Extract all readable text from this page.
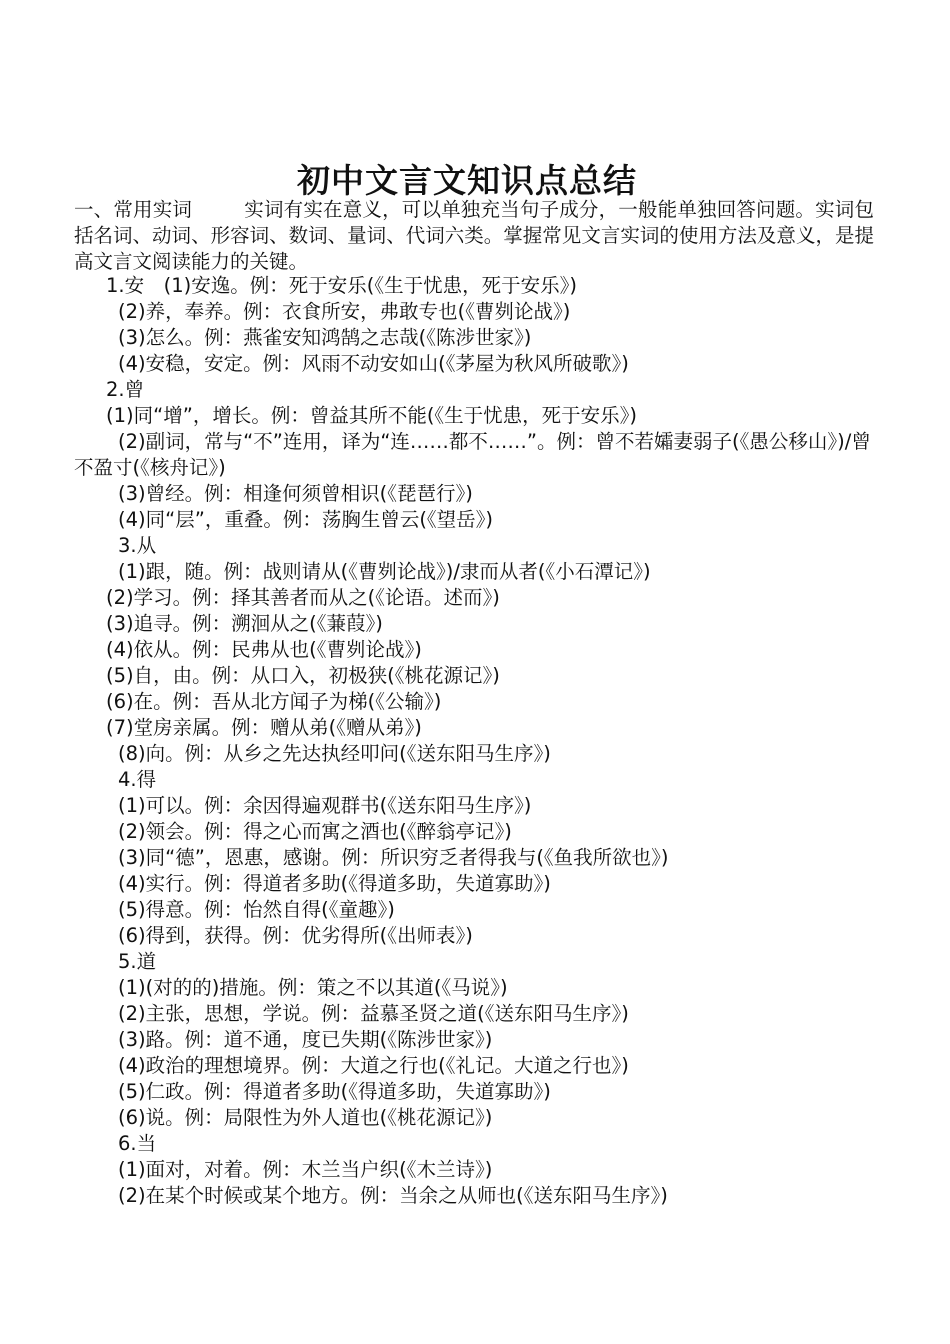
初中文言文知识点总结
一、常用实词	实词有实在意义，可以单独充当句子成分，一般能单独回答问题。实词包括名词、动词、形容词、数词、量词、代词六类。掌握常见文言实词的使用方法及意义，是提高文言文阅读能力的关键。
1.安　(1)安逸。例：死于安乐(《生于忧患，死于安乐》)
(2)养，奉养。例：衣食所安，弗敢专也(《曹刿论战》)
(3)怎么。例：燕雀安知鸿鹄之志哉(《陈涉世家》)
(4)安稳，安定。例：风雨不动安如山(《茅屋为秋风所破歌》)
2.曾
(1)同“增”，增长。例：曾益其所不能(《生于忧患，死于安乐》)
(2)副词，常与“不”连用，译为“连……都不……”。例：曾不若孀妻弱子(《愚公移山》)/曾不盈寸(《核舟记》)
(3)曾经。例：相逢何须曾相识(《琵琶行》)
(4)同“层”，重叠。例：荡胸生曾云(《望岳》)
3.从
(1)跟，随。例：战则请从(《曹刿论战》)/隶而从者(《小石潭记》)
(2)学习。例：择其善者而从之(《论语。述而》)
(3)追寻。例：溯洄从之(《蒹葭》)
(4)依从。例：民弗从也(《曹刿论战》)
(5)自，由。例：从口入，初极狭(《桃花源记》)
(6)在。例：吾从北方闻子为梯(《公输》)
(7)堂房亲属。例：赠从弟(《赠从弟》)
(8)向。例：从乡之先达执经叩问(《送东阳马生序》)
4.得
(1)可以。例：余因得遍观群书(《送东阳马生序》)
(2)领会。例：得之心而寓之酒也(《醉翁亭记》)
(3)同“德”，恩惠，感谢。例：所识穷乏者得我与(《鱼我所欲也》)
(4)实行。例：得道者多助(《得道多助，失道寡助》)
(5)得意。例：怡然自得(《童趣》)
(6)得到，获得。例：优劣得所(《出师表》)
5.道
(1)(对的的)措施。例：策之不以其道(《马说》)
(2)主张，思想，学说。例：益慕圣贤之道(《送东阳马生序》)
(3)路。例：道不通，度已失期(《陈涉世家》)
(4)政治的理想境界。例：大道之行也(《礼记。大道之行也》)
(5)仁政。例：得道者多助(《得道多助，失道寡助》)
(6)说。例：局限性为外人道也(《桃花源记》)
6.当
(1)面对，对着。例：木兰当户织(《木兰诗》)
(2)在某个时候或某个地方。例：当余之从师也(《送东阳马生序》)
